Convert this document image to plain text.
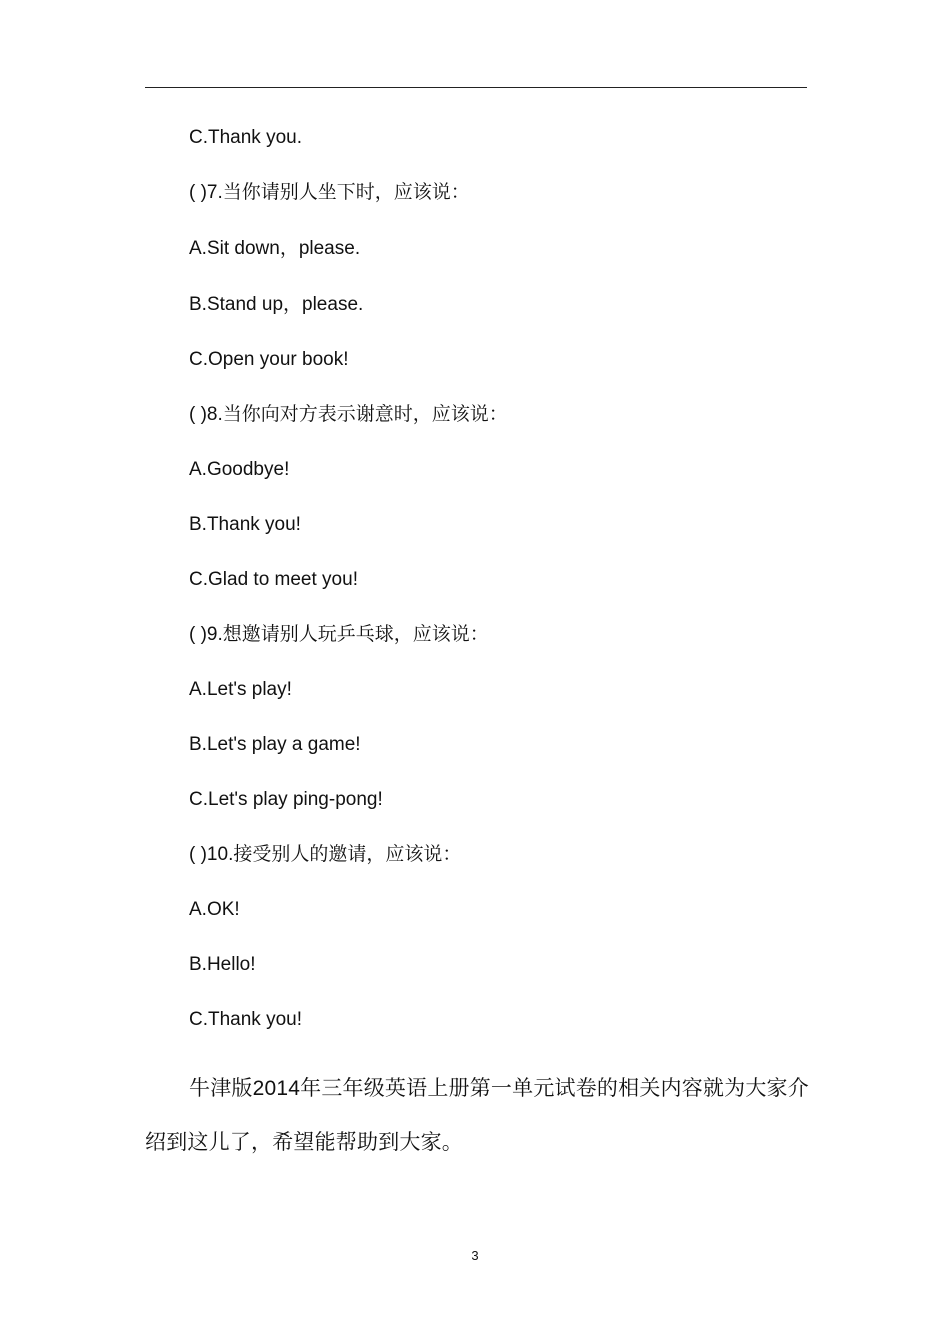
C.Thank you.
( )7.当你请别人坐下时，应该说：
A.Sit down，please.
B.Stand up，please.
C.Open your book!
( )8.当你向对方表示谢意时，应该说：
A.Goodbye!
B.Thank you!
C.Glad to meet you!
( )9.想邀请别人玩乒乓球，应该说：
A.Let's play!
B.Let's play a game!
C.Let's play ping-pong!
( )10.接受别人的邀请，应该说：
A.OK!
B.Hello!
C.Thank you!
牛津版2014年三年级英语上册第一单元试卷的相关内容就为大家介绍到这儿了，希望能帮助到大家。
3
